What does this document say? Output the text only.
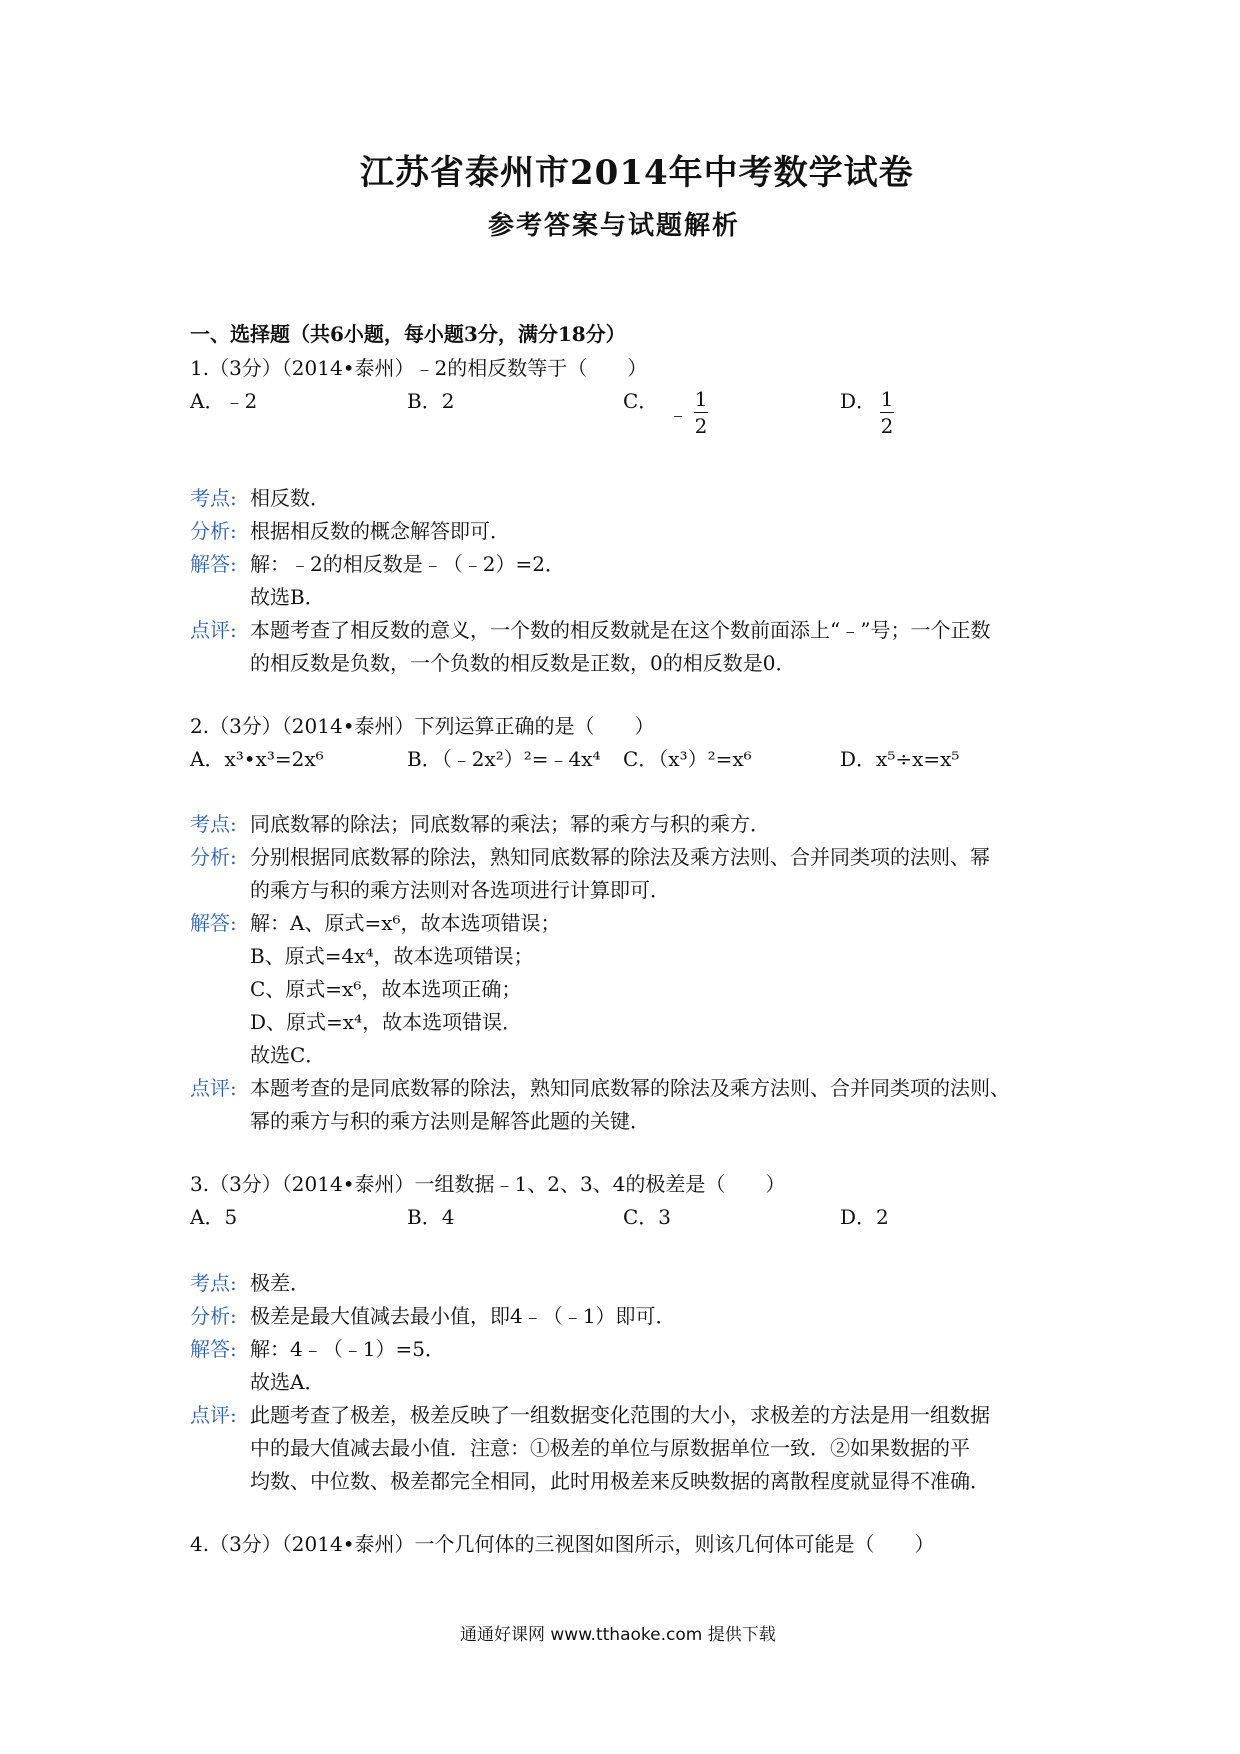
江苏省泰州市2014年中考数学试卷
参考答案与试题解析
一、选择题（共6小题，每小题3分，满分18分）
1.（3分）（2014•泰州）﹣2的相反数等于（　　）
A．﹣2	B．2	C．
﹣ $\frac{1}{2}$	D． $\frac{1}{2}$
考点: 相反数．
分析: 根据相反数的概念解答即可．
解答: 解：﹣2的相反数是﹣（﹣2）=2．
故选B．
点评: 本题考查了相反数的意义，一个数的相反数就是在这个数前面添上“﹣”号；一个正数
的相反数是负数，一个负数的相反数是正数，0的相反数是0．
2.（3分）（2014•泰州）下列运算正确的是（　　）
A．x³•x³=2x⁶	B．（﹣2x²）²=﹣4x⁴ C．（x³）²=x⁶	D．x⁵÷x=x⁵
考点: 同底数幂的除法；同底数幂的乘法；幂的乘方与积的乘方．
分析: 分别根据同底数幂的除法，熟知同底数幂的除法及乘方法则、合并同类项的法则、幂
的乘方与积的乘方法则对各选项进行计算即可．
解答: 解：A、原式=x⁶，故本选项错误；
B、原式=4x⁴，故本选项错误；
C、原式=x⁶，故本选项正确；
D、原式=x⁴，故本选项错误．
故选C．
点评: 本题考查的是同底数幂的除法，熟知同底数幂的除法及乘方法则、合并同类项的法则、
幂的乘方与积的乘方法则是解答此题的关键．
3.（3分）（2014•泰州）一组数据﹣1、2、3、4的极差是（　　）
A．5	B．4	C．3	D．2
考点: 极差．
分析: 极差是最大值减去最小值，即4﹣（﹣1）即可．
解答: 解：4﹣（﹣1）=5．
故选A．
点评: 此题考查了极差，极差反映了一组数据变化范围的大小，求极差的方法是用一组数据
中的最大值减去最小值．注意：①极差的单位与原数据单位一致．②如果数据的平
均数、中位数、极差都完全相同，此时用极差来反映数据的离散程度就显得不准确．
4.（3分）（2014•泰州）一个几何体的三视图如图所示，则该几何体可能是（　　）
通通好课网 www.tthaoke.com 提供下载
